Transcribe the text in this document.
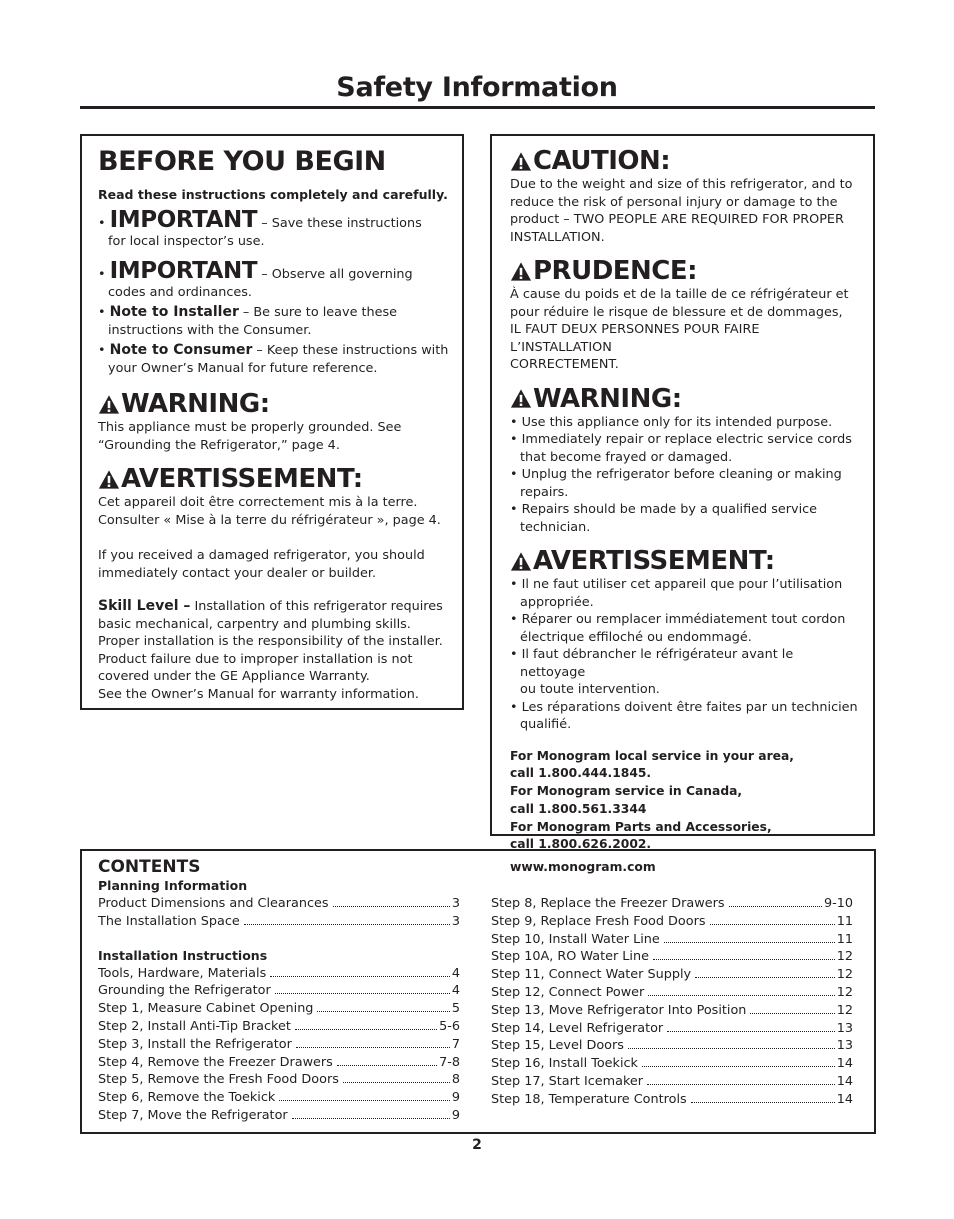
Safety Information
BEFORE YOU BEGIN
Read these instructions completely and carefully.
• IMPORTANT – Save these instructions
for local inspector’s use.
• IMPORTANT – Observe all governing
codes and ordinances.
• Note to Installer – Be sure to leave these
instructions with the Consumer.
• Note to Consumer – Keep these instructions with
your Owner’s Manual for future reference.
WARNING:
This appliance must be properly grounded. See
“Grounding the Refrigerator,” page 4.
AVERTISSEMENT:
Cet appareil doit être correctement mis à la terre.
Consulter « Mise à la terre du réfrigérateur », page 4.
If you received a damaged refrigerator, you should
immediately contact your dealer or builder.
Skill Level – Installation of this refrigerator requires
basic mechanical, carpentry and plumbing skills.
Proper installation is the responsibility of the installer.
Product failure due to improper installation is not
covered under the GE Appliance Warranty.
See the Owner’s Manual for warranty information.
CAUTION:
Due to the weight and size of this refrigerator, and to
reduce the risk of personal injury or damage to the
product – TWO PEOPLE ARE REQUIRED FOR PROPER
INSTALLATION.
PRUDENCE:
À cause du poids et de la taille de ce réfrigérateur et
pour réduire le risque de blessure et de dommages,
IL FAUT DEUX PERSONNES POUR FAIRE L’INSTALLATION
CORRECTEMENT.
WARNING:
• Use this appliance only for its intended purpose.
• Immediately repair or replace electric service cords
that become frayed or damaged.
• Unplug the refrigerator before cleaning or making
repairs.
• Repairs should be made by a qualified service
technician.
AVERTISSEMENT:
• Il ne faut utiliser cet appareil que pour l’utilisation
appropriée.
• Réparer ou remplacer immédiatement tout cordon
électrique effiloché ou endommagé.
• Il faut débrancher le réfrigérateur avant le nettoyage
ou toute intervention.
• Les réparations doivent être faites par un technicien
qualifié.
For Monogram local service in your area,
call 1.800.444.1845.
For Monogram service in Canada,
call 1.800.561.3344
For Monogram Parts and Accessories,
call 1.800.626.2002.
www.monogram.com
CONTENTS
Planning Information
Product Dimensions and Clearances	3
The Installation Space	3
Installation Instructions
Tools, Hardware, Materials	4
Grounding the Refrigerator	4
Step 1, Measure Cabinet Opening	5
Step 2, Install Anti-Tip Bracket	5-6
Step 3, Install the Refrigerator	7
Step 4, Remove the Freezer Drawers	7-8
Step 5, Remove the Fresh Food Doors	8
Step 6, Remove the Toekick	9
Step 7, Move the Refrigerator	9
Step 8, Replace the Freezer Drawers	9-10
Step 9, Replace Fresh Food Doors	11
Step 10, Install Water Line	11
Step 10A, RO Water Line	12
Step 11, Connect Water Supply	12
Step 12, Connect Power	12
Step 13, Move Refrigerator Into Position	12
Step 14, Level Refrigerator	13
Step 15, Level Doors	13
Step 16, Install Toekick	14
Step 17, Start Icemaker	14
Step 18, Temperature Controls	14
2
